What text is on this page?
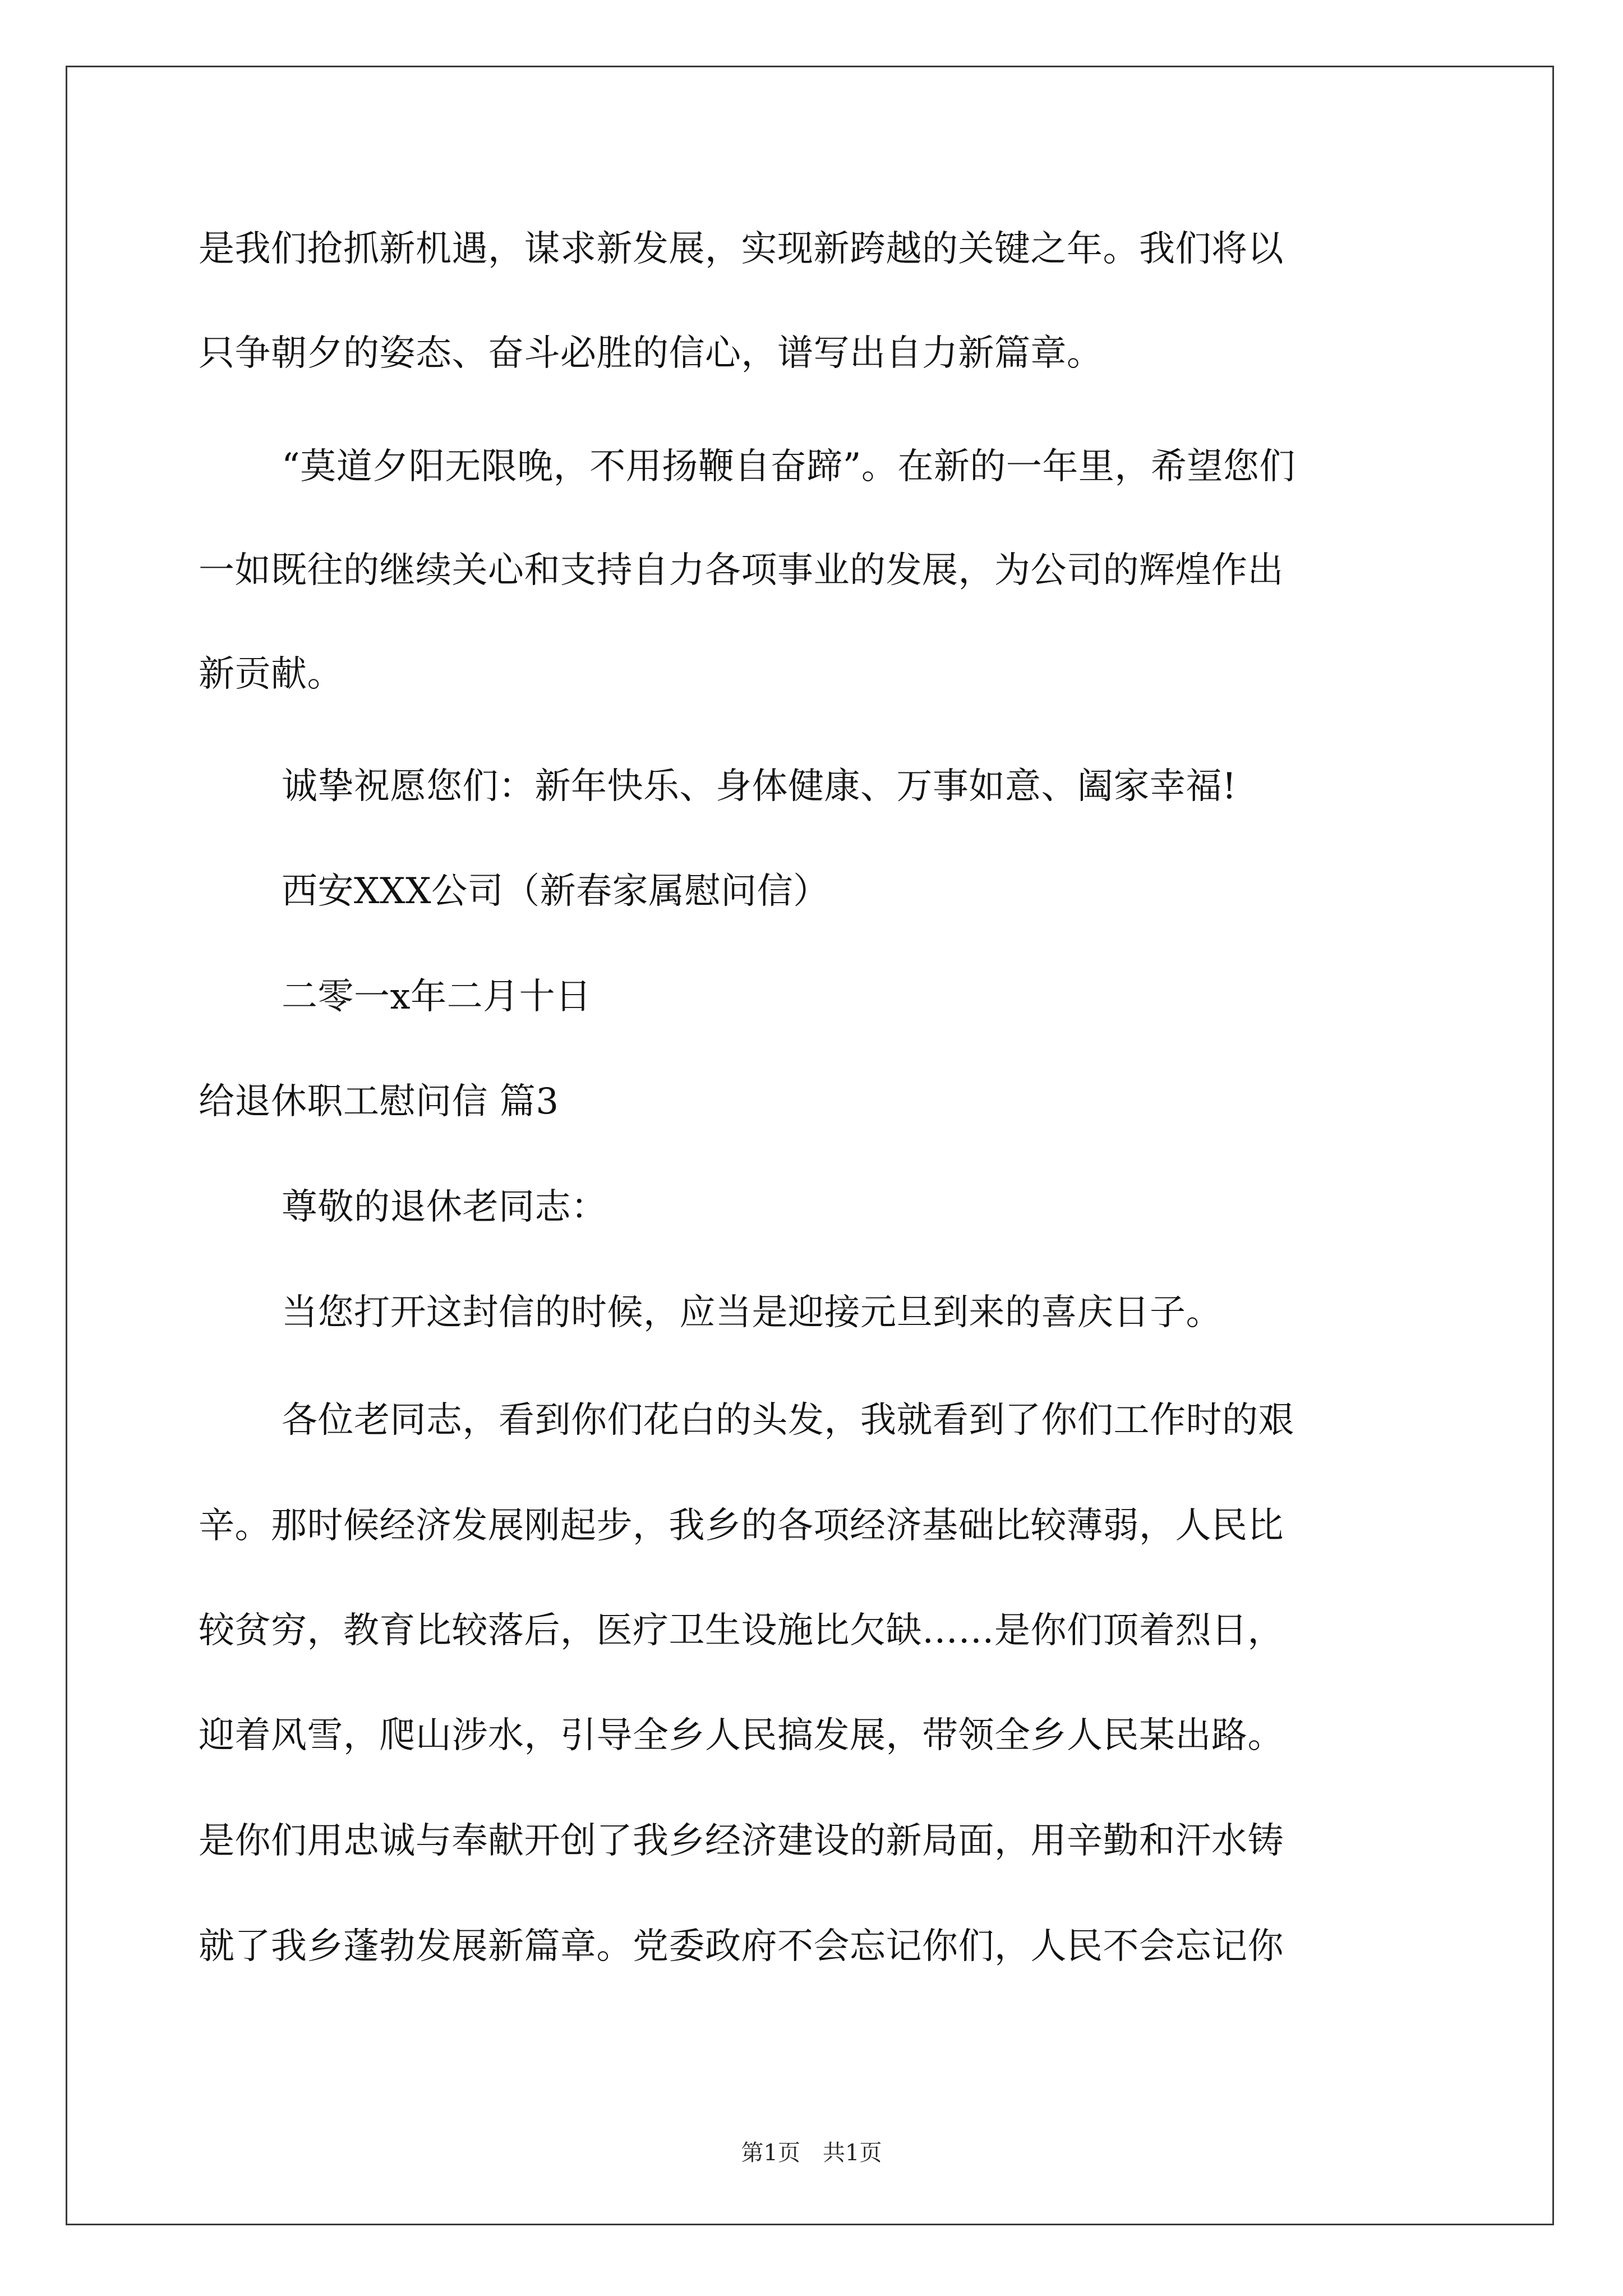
是我们抢抓新机遇，谋求新发展，实现新跨越的关键之年。我们将以
只争朝夕的姿态、奋斗必胜的信心，谱写出自力新篇章。
“莫道夕阳无限晚，不用扬鞭自奋蹄”。在新的一年里，希望您们
一如既往的继续关心和支持自力各项事业的发展，为公司的辉煌作出
新贡献。
诚挚祝愿您们：新年快乐、身体健康、万事如意、阖家幸福!
西安XXX公司（新春家属慰问信）
二零一x年二月十日
给退休职工慰问信 篇3
尊敬的退休老同志：
当您打开这封信的时候，应当是迎接元旦到来的喜庆日子。
各位老同志，看到你们花白的头发，我就看到了你们工作时的艰
辛。那时候经济发展刚起步，我乡的各项经济基础比较薄弱，人民比
较贫穷，教育比较落后，医疗卫生设施比欠缺……是你们顶着烈日，
迎着风雪，爬山涉水，引导全乡人民搞发展，带领全乡人民某出路。
是你们用忠诚与奉献开创了我乡经济建设的新局面，用辛勤和汗水铸
就了我乡蓬勃发展新篇章。党委政府不会忘记你们，人民不会忘记你
第1页　共1页
